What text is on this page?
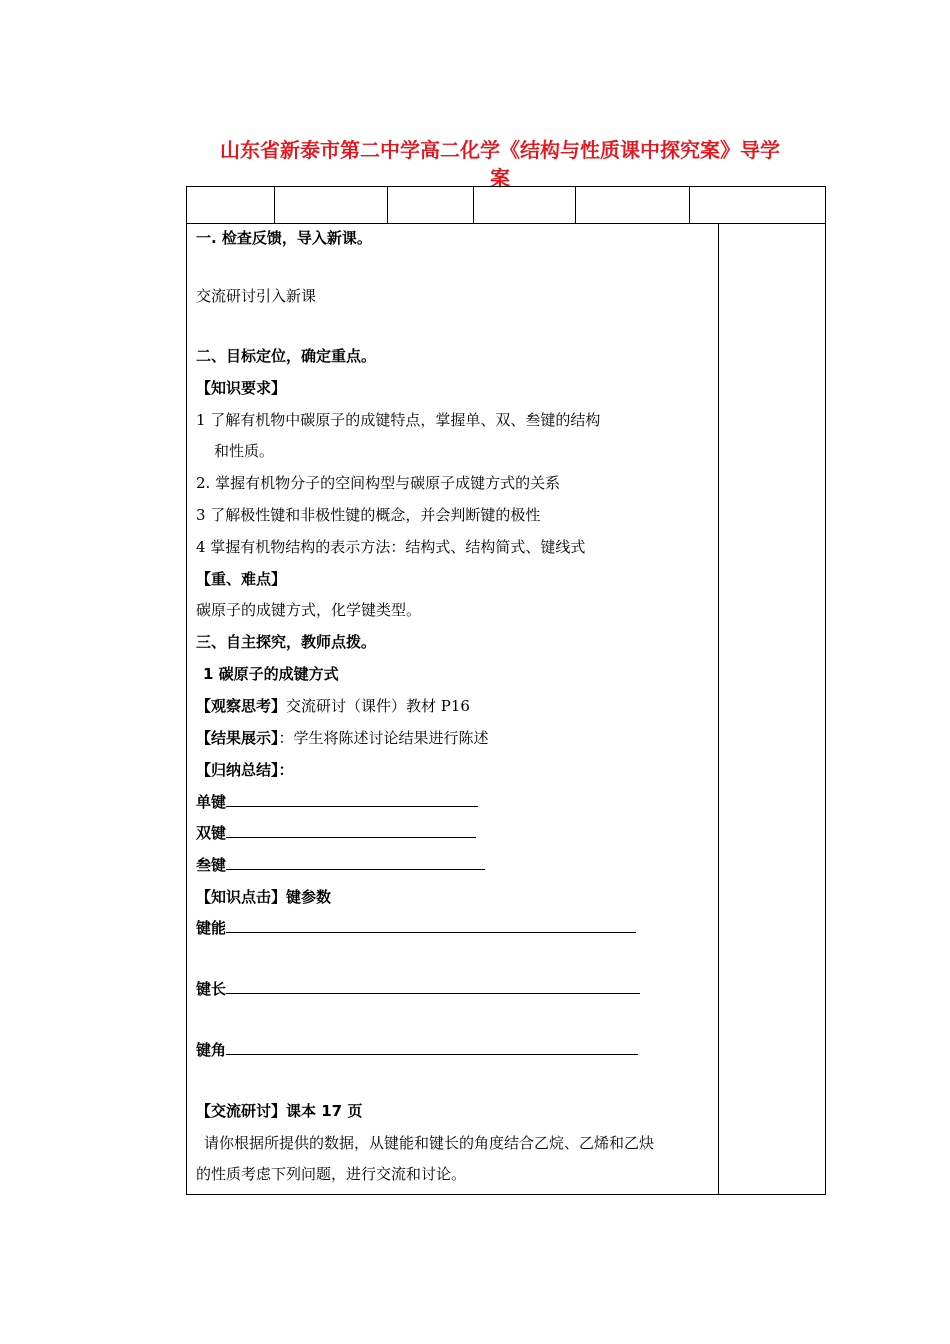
山东省新泰市第二中学高二化学《结构与性质课中探究案》导学
案
一. 检查反馈，导入新课。
交流研讨引入新课
二、目标定位，确定重点。
【知识要求】
1 了解有机物中碳原子的成键特点，掌握单、双、叁键的结构
和性质。
2. 掌握有机物分子的空间构型与碳原子成键方式的关系
3 了解极性键和非极性键的概念，并会判断键的极性
4 掌握有机物结构的表示方法：结构式、结构简式、键线式
【重、难点】
碳原子的成键方式，化学键类型。
三、自主探究，教师点拨。
1 碳原子的成键方式
【观察思考】交流研讨（课件）教材 P16
【结果展示】：学生将陈述讨论结果进行陈述
【归纳总结】：
单键
双键
叁键
【知识点击】键参数
键能
键长
键角
【交流研讨】课本 17 页
请你根据所提供的数据，从键能和键长的角度结合乙烷、乙烯和乙炔
的性质考虑下列问题，进行交流和讨论。
